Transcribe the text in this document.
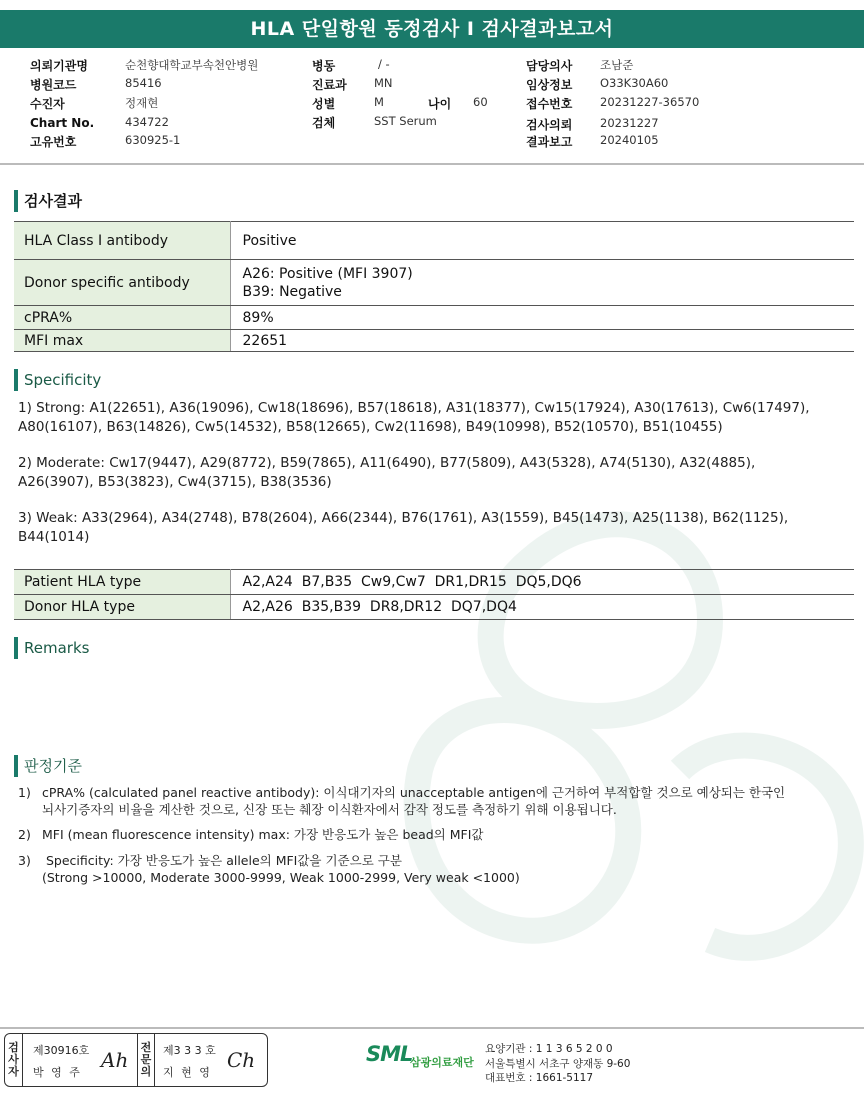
HLA 단일항원 동정검사 I 검사결과보고서
의뢰기관명	순천향대학교부속천안병원
병원코드	85416
수진자	정재현
Chart No.	434722
고유번호	630925-1
병동	/ -
진료과 MN
성별	M	나이 60
검체	SST Serum
담당의사 조남준
임상정보 O33K30A60
접수번호 20231227-36570
검사의뢰 20231227
결과보고 20240105
검사결과
HLA Class I antibody	Positive
Donor specific antibody	A26: Positive (MFI 3907)
B39: Negative

cPRA%	89%
MFI max	22651
Specificity
1) Strong: A1(22651), A36(19096), Cw18(18696), B57(18618), A31(18377), Cw15(17924), A30(17613), Cw6(17497),
A80(16107), B63(14826), Cw5(14532), B58(12665), Cw2(11698), B49(10998), B52(10570), B51(10455)
2) Moderate: Cw17(9447), A29(8772), B59(7865), A11(6490), B77(5809), A43(5328), A74(5130), A32(4885),
A26(3907), B53(3823), Cw4(3715), B38(3536)
3) Weak: A33(2964), A34(2748), B78(2604), A66(2344), B76(1761), A3(1559), B45(1473), A25(1138), B62(1125),
B44(1014)
Patient HLA type	A2,A24  B7,B35  Cw9,Cw7  DR1,DR15  DQ5,DQ6
Donor HLA type	A2,A26  B35,B39  DR8,DR12  DQ7,DQ4
Remarks
판정기준
1) cPRA% (calculated panel reactive antibody): 이식대기자의 unacceptable antigen에 근거하여 부적합할 것으로 예상되는 한국인
뇌사기증자의 비율을 계산한 것으로, 신장 또는 췌장 이식환자에서 감작 정도를 측정하기 위해 이용됩니다.
2) MFI (mean fluorescence intensity) max: 가장 반응도가 높은 bead의 MFI값
3) Specificity: 가장 반응도가 높은 allele의 MFI값을 기준으로 구분
(Strong >10000, Moderate 3000-9999, Weak 1000-2999, Very weak <1000)
검
사
자
제30916호
박 영 주
Ah
전
문
의
제3 3 3 호
지 현 영
Ch	SML
삼광의료재단
요양기관 : 1 1 3 6 5 2 0 0
서울특별시 서초구 양재동 9-60
대표번호 : 1661-5117
